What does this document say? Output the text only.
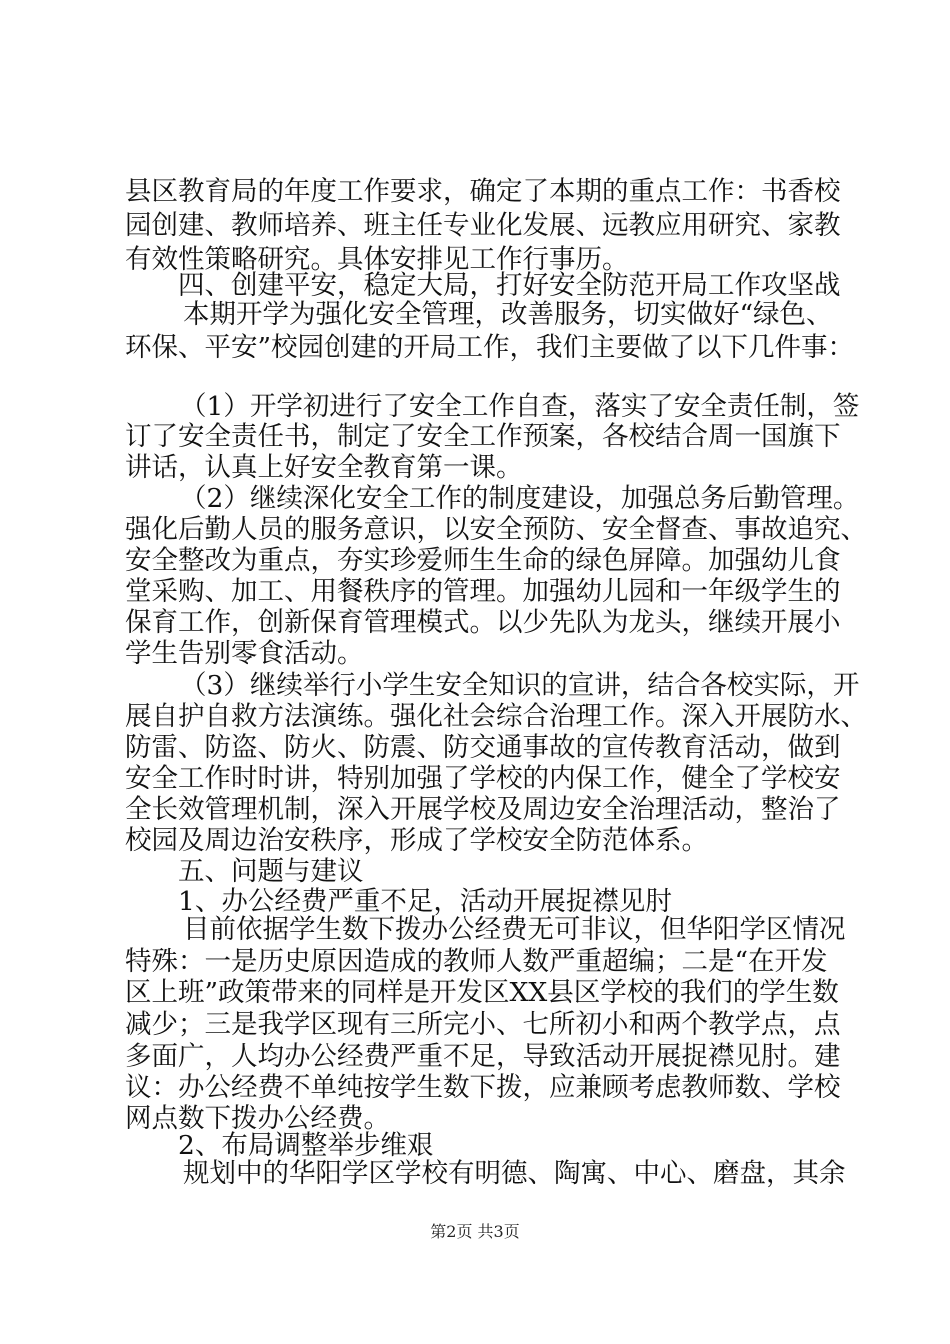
县区教育局的年度工作要求，确定了本期的重点工作：书香校
园创建、教师培养、班主任专业化发展、远教应用研究、家教
有效性策略研究。具体安排见工作行事历。
四、创建平安，稳定大局，打好安全防范开局工作攻坚战
本期开学为强化安全管理，改善服务，切实做好“绿色、
环保、平安”校园创建的开局工作，我们主要做了以下几件事：
（1）开学初进行了安全工作自查，落实了安全责任制，签
订了安全责任书，制定了安全工作预案，各校结合周一国旗下
讲话，认真上好安全教育第一课。
（2）继续深化安全工作的制度建设，加强总务后勤管理。
强化后勤人员的服务意识，以安全预防、安全督查、事故追究、
安全整改为重点，夯实珍爱师生生命的绿色屏障。加强幼儿食
堂采购、加工、用餐秩序的管理。加强幼儿园和一年级学生的
保育工作，创新保育管理模式。以少先队为龙头，继续开展小
学生告别零食活动。
（3）继续举行小学生安全知识的宣讲，结合各校实际，开
展自护自救方法演练。强化社会综合治理工作。深入开展防水、
防雷、防盗、防火、防震、防交通事故的宣传教育活动，做到
安全工作时时讲，特别加强了学校的内保工作，健全了学校安
全长效管理机制，深入开展学校及周边安全治理活动，整治了
校园及周边治安秩序，形成了学校安全防范体系。
五、问题与建议
1、办公经费严重不足，活动开展捉襟见肘
目前依据学生数下拨办公经费无可非议，但华阳学区情况
特殊：一是历史原因造成的教师人数严重超编；二是“在开发
区上班”政策带来的同样是开发区XX县区学校的我们的学生数
减少；三是我学区现有三所完小、七所初小和两个教学点，点
多面广，人均办公经费严重不足，导致活动开展捉襟见肘。建
议：办公经费不单纯按学生数下拨，应兼顾考虑教师数、学校
网点数下拨办公经费。
2、布局调整举步维艰
规划中的华阳学区学校有明德、陶寓、中心、磨盘，其余
第2页 共3页
